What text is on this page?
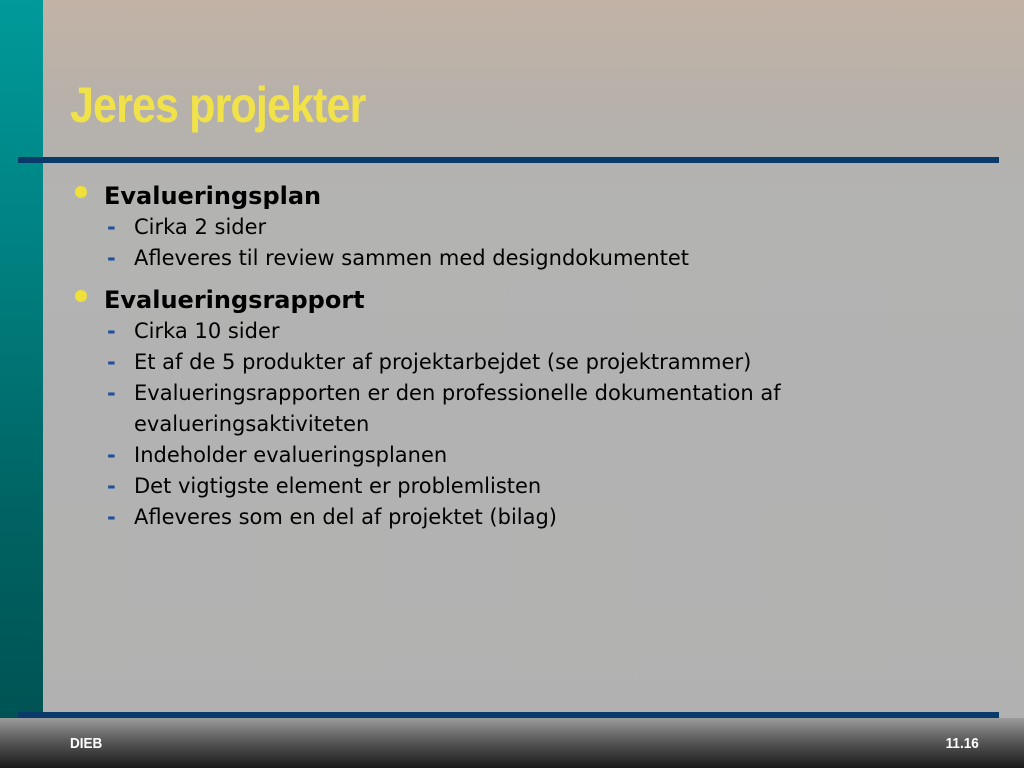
Jeres projekter
Evalueringsplan
- Cirka 2 sider
- Afleveres til review sammen med designdokumentet
Evalueringsrapport
- Cirka 10 sider
- Et af de 5 produkter af projektarbejdet (se projektrammer)
- Evalueringsrapporten er den professionelle dokumentation af evalueringsaktiviteten
- Indeholder evalueringsplanen
- Det vigtigste element er problemlisten
- Afleveres som en del af projektet (bilag)
DIEB	11.16
